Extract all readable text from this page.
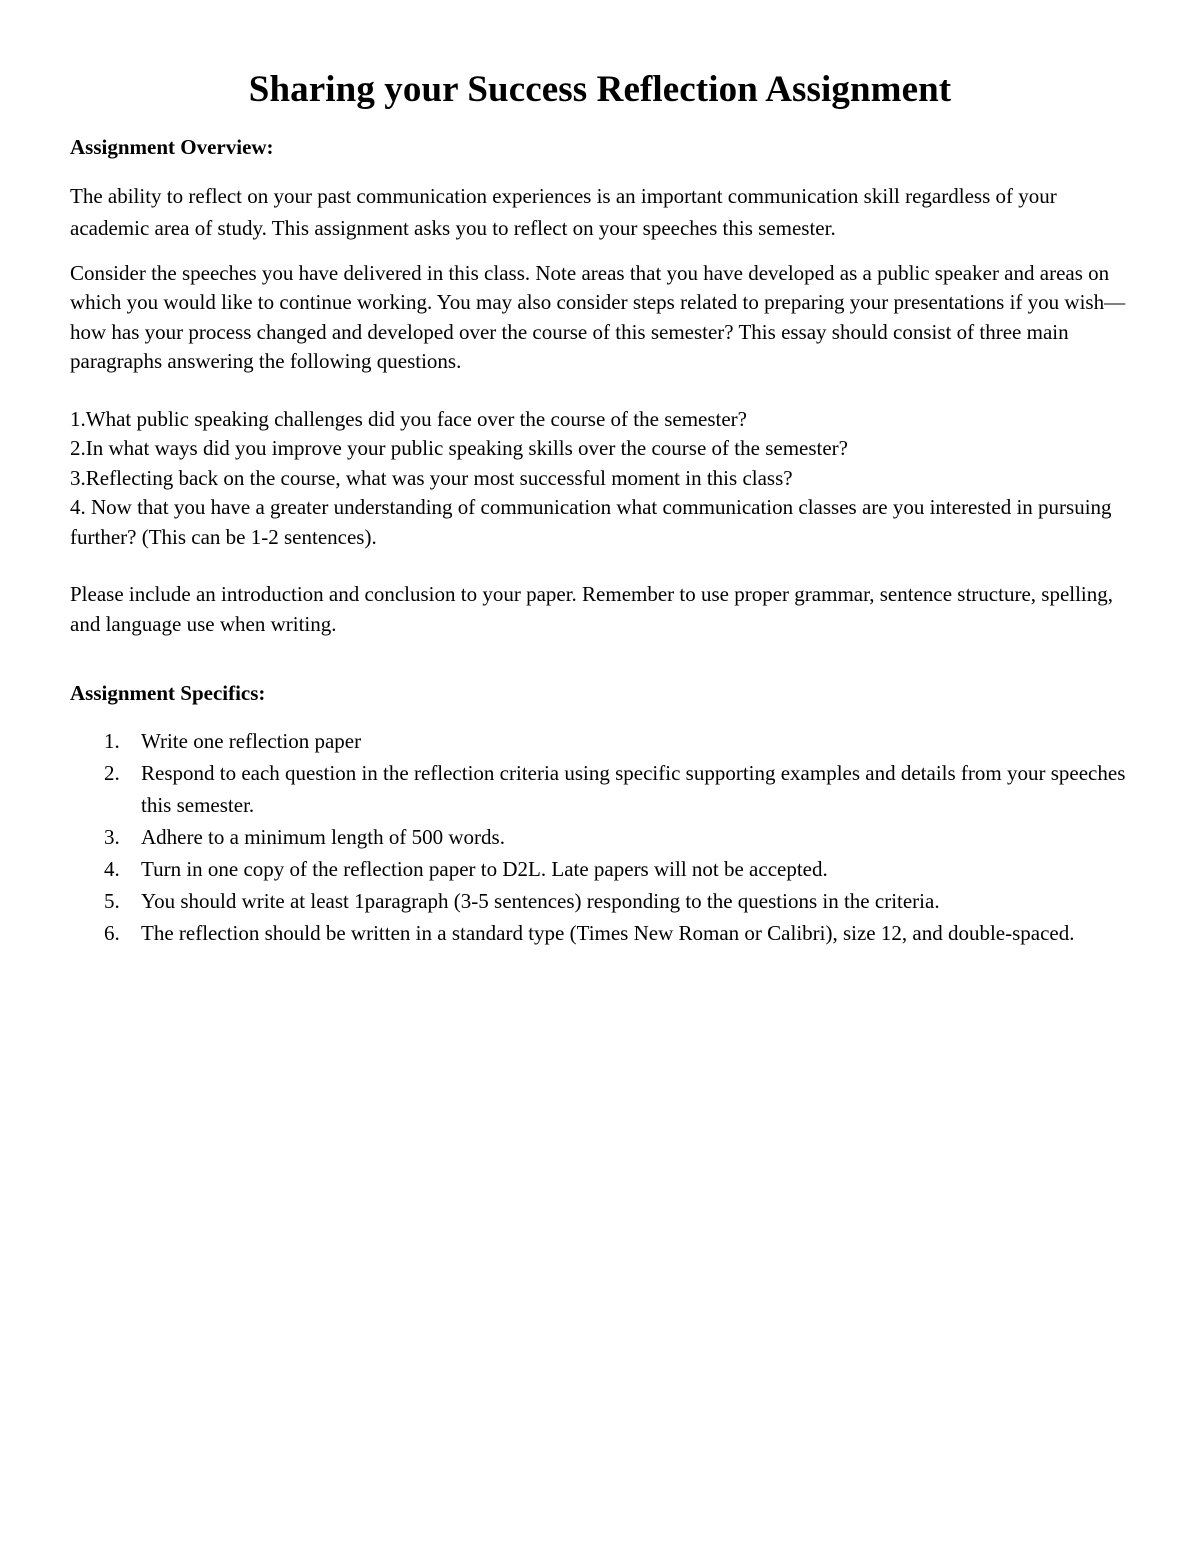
Sharing your Success Reflection Assignment
Assignment Overview:

The ability to reflect on your past communication experiences is an important communication skill regardless of your academic area of study. This assignment asks you to reflect on your speeches this semester.

Consider the speeches you have delivered in this class. Note areas that you have developed as a public speaker and areas on which you would like to continue working. You may also consider steps related to preparing your presentations if you wish—how has your process changed and developed over the course of this semester? This essay should consist of three main paragraphs answering the following questions.

1.What public speaking challenges did you face over the course of the semester?

2.In what ways did you improve your public speaking skills over the course of the semester?

3.Reflecting back on the course, what was your most successful moment in this class?

4. Now that you have a greater understanding of communication what communication classes are you interested in pursuing further? (This can be 1-2 sentences).

Please include an introduction and conclusion to your paper. Remember to use proper grammar, sentence structure, spelling, and language use when writing.

Assignment Specifics:
1. Write one reflection paper
2. Respond to each question in the reflection criteria using specific supporting examples and details from your speeches this semester.
3. Adhere to a minimum length of 500 words.
4. Turn in one copy of the reflection paper to D2L. Late papers will not be accepted.
5. You should write at least 1paragraph (3-5 sentences) responding to the questions in the criteria.
6. The reflection should be written in a standard type (Times New Roman or Calibri), size 12, and double-spaced.
